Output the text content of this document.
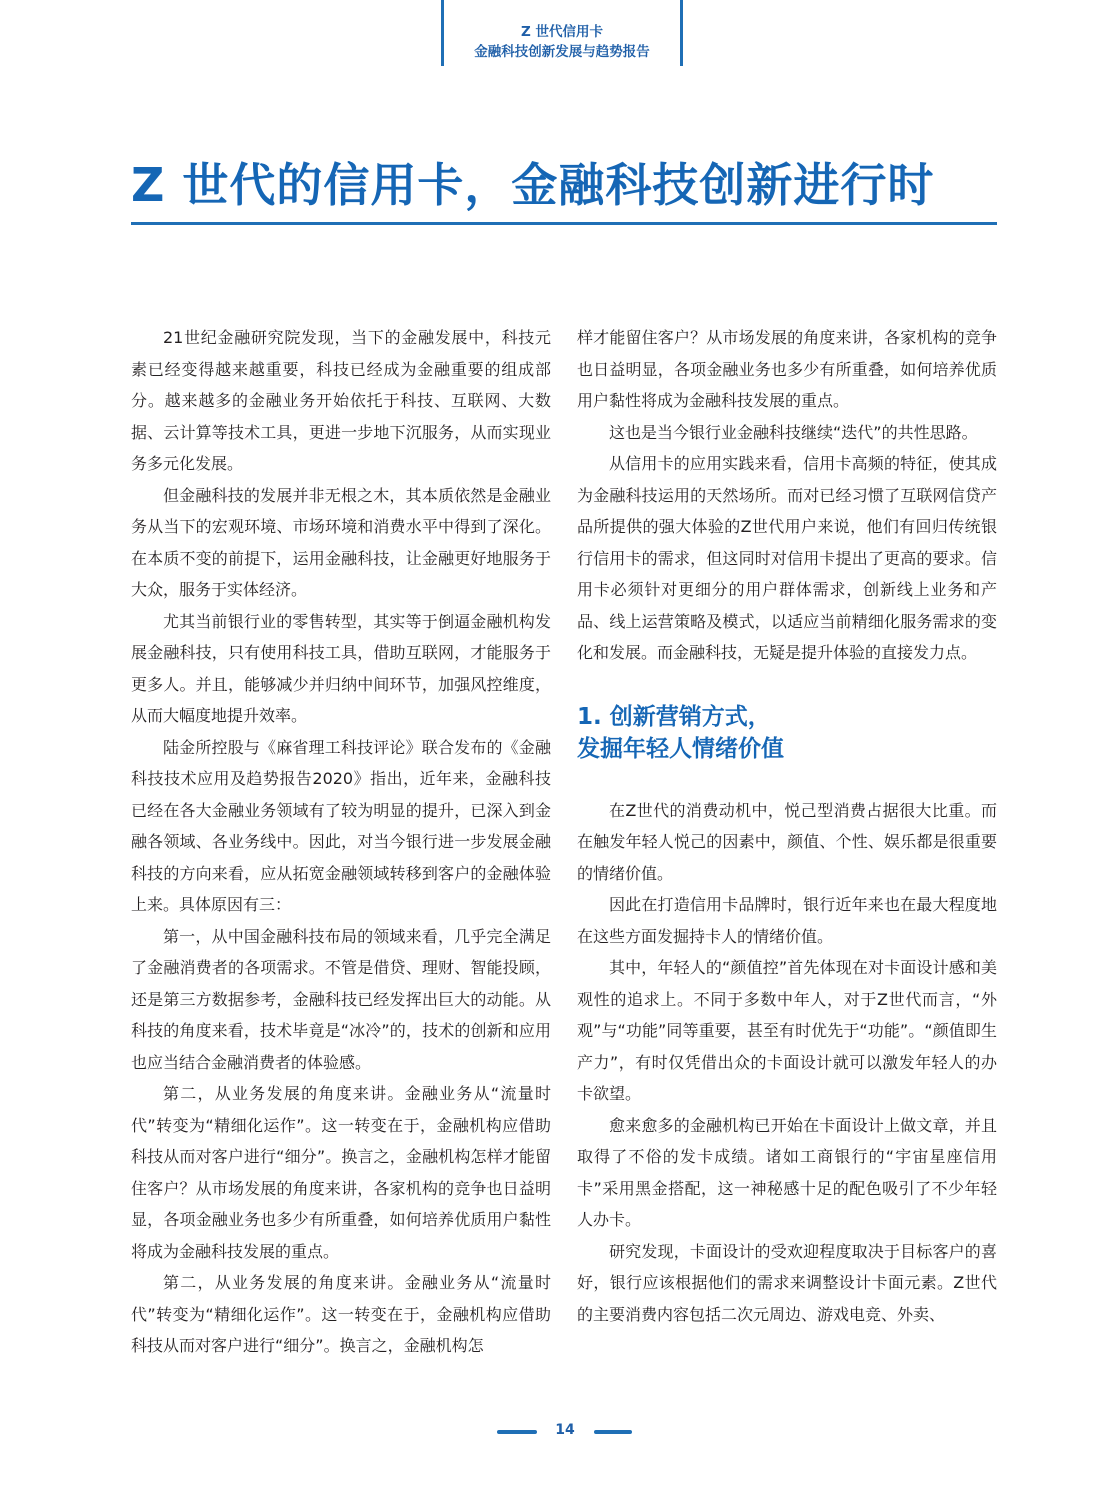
Z 世代信用卡
金融科技创新发展与趋势报告
Z 世代的信用卡，金融科技创新进行时

21世纪金融研究院发现，当下的金融发展中，科技元素已经变得越来越重要，科技已经成为金融重要的组成部分。越来越多的金融业务开始依托于科技、互联网、大数据、云计算等技术工具，更进一步地下沉服务，从而实现业务多元化发展。

但金融科技的发展并非无根之木，其本质依然是金融业务从当下的宏观环境、市场环境和消费水平中得到了深化。在本质不变的前提下，运用金融科技，让金融更好地服务于大众，服务于实体经济。

尤其当前银行业的零售转型，其实等于倒逼金融机构发展金融科技，只有使用科技工具，借助互联网，才能服务于更多人。并且，能够减少并归纳中间环节，加强风控维度，从而大幅度地提升效率。

陆金所控股与《麻省理工科技评论》联合发布的《金融科技技术应用及趋势报告2020》指出，近年来，金融科技已经在各大金融业务领域有了较为明显的提升，已深入到金融各领域、各业务线中。因此，对当今银行进一步发展金融科技的方向来看，应从拓宽金融领域转移到客户的金融体验上来。具体原因有三：

第一，从中国金融科技布局的领域来看，几乎完全满足了金融消费者的各项需求。不管是借贷、理财、智能投顾，还是第三方数据参考，金融科技已经发挥出巨大的动能。从科技的角度来看，技术毕竟是“冰冷”的，技术的创新和应用也应当结合金融消费者的体验感。

第二，从业务发展的角度来讲。金融业务从“流量时代”转变为“精细化运作”。这一转变在于，金融机构应借助科技从而对客户进行“细分”。换言之，金融机构怎样才能留住客户？从市场发展的角度来讲，各家机构的竞争也日益明显，各项金融业务也多少有所重叠，如何培养优质用户黏性将成为金融科技发展的重点。

第二，从业务发展的角度来讲。金融业务从“流量时代”转变为“精细化运作”。这一转变在于，金融机构应借助科技从而对客户进行“细分”。换言之，金融机构怎

样才能留住客户？从市场发展的角度来讲，各家机构的竞争也日益明显，各项金融业务也多少有所重叠，如何培养优质用户黏性将成为金融科技发展的重点。

这也是当今银行业金融科技继续“迭代”的共性思路。

从信用卡的应用实践来看，信用卡高频的特征，使其成为金融科技运用的天然场所。而对已经习惯了互联网信贷产品所提供的强大体验的Z世代用户来说，他们有回归传统银行信用卡的需求，但这同时对信用卡提出了更高的要求。信用卡必须针对更细分的用户群体需求，创新线上业务和产品、线上运营策略及模式，以适应当前精细化服务需求的变化和发展。而金融科技，无疑是提升体验的直接发力点。

1. 创新营销方式，
发掘年轻人情绪价值

在Z世代的消费动机中，悦己型消费占据很大比重。而在触发年轻人悦己的因素中，颜值、个性、娱乐都是很重要的情绪价值。

因此在打造信用卡品牌时，银行近年来也在最大程度地在这些方面发掘持卡人的情绪价值。

其中，年轻人的“颜值控”首先体现在对卡面设计感和美观性的追求上。不同于多数中年人，对于Z世代而言，“外观”与“功能”同等重要，甚至有时优先于“功能”。“颜值即生产力”，有时仅凭借出众的卡面设计就可以激发年轻人的办卡欲望。

愈来愈多的金融机构已开始在卡面设计上做文章，并且取得了不俗的发卡成绩。诸如工商银行的“宇宙星座信用卡”采用黑金搭配，这一神秘感十足的配色吸引了不少年轻人办卡。

研究发现，卡面设计的受欢迎程度取决于目标客户的喜好，银行应该根据他们的需求来调整设计卡面元素。Z世代的主要消费内容包括二次元周边、游戏电竞、外卖、

14
